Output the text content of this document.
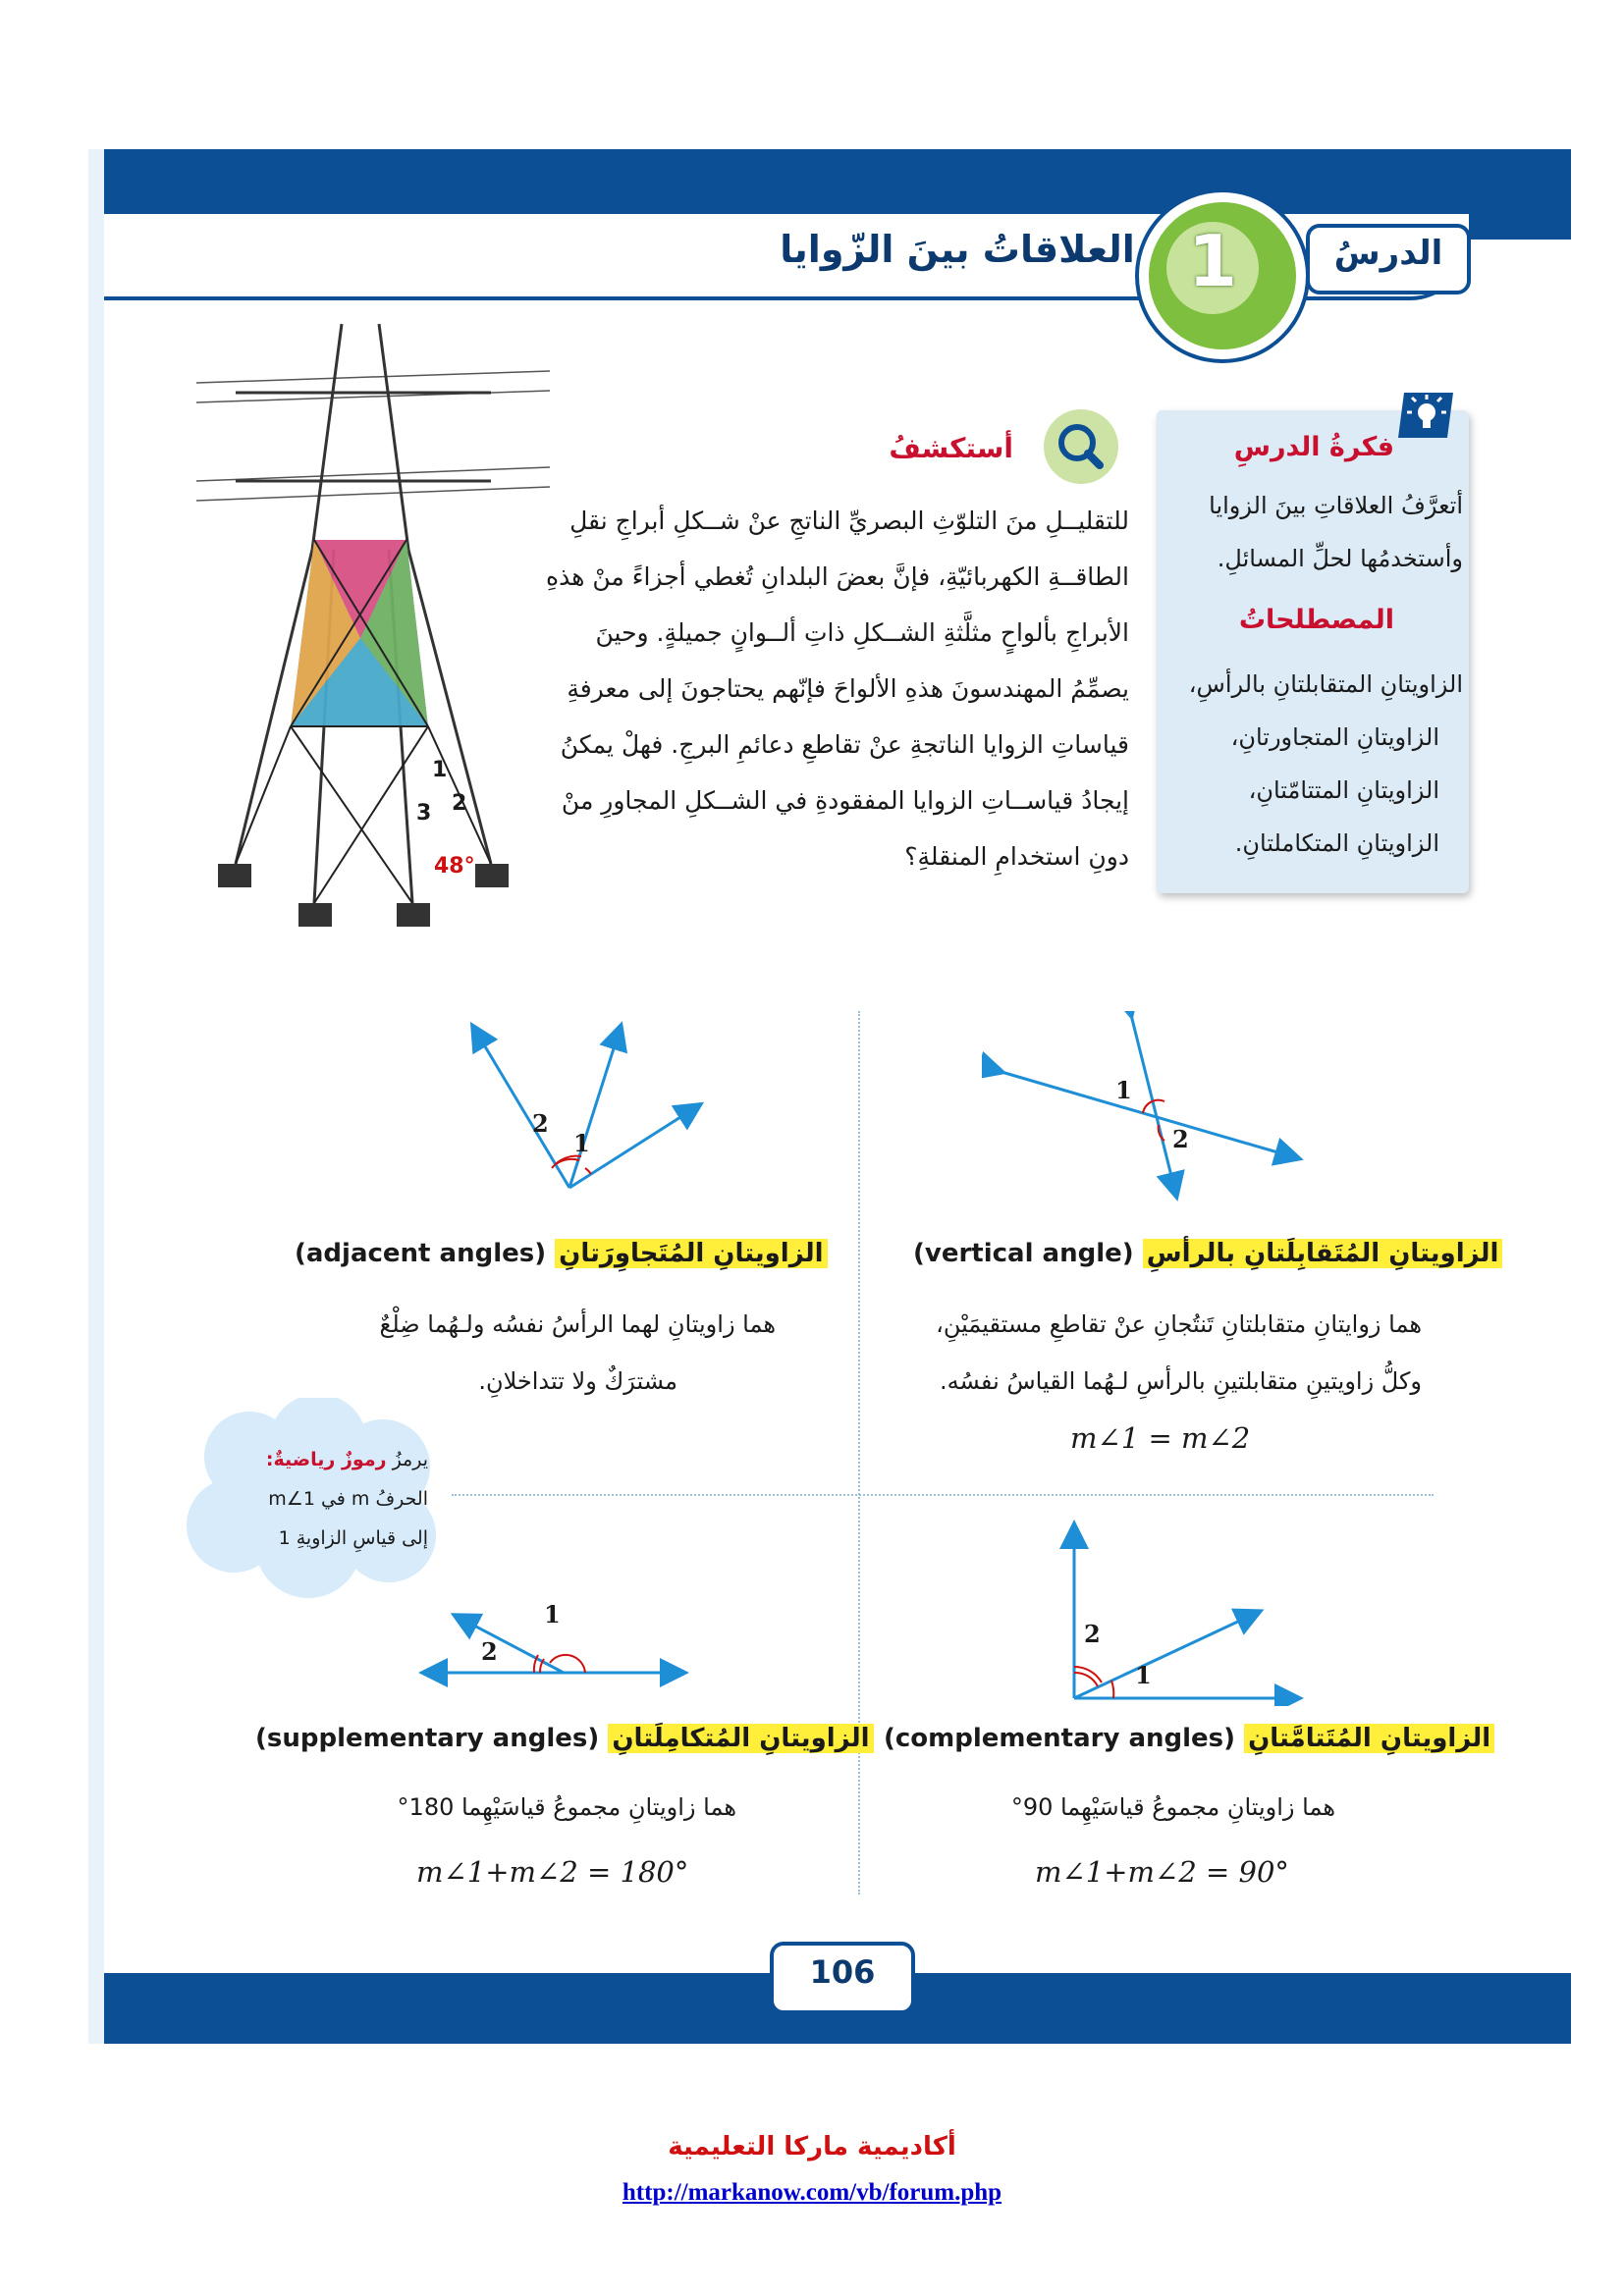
العلاقاتُ بينَ الزّوايا 1	الدرسُ
فكرةُ الدرسِ
أتعرَّفُ العلاقاتِ بينَ الزوايا
وأستخدمُها لحلِّ المسائلِ.
المصطلحاتُ
الزاويتانِ المتقابلتانِ بالرأسِ،
الزاويتانِ المتجاورتانِ،
الزاويتانِ المتتامّتانِ،
الزاويتانِ المتكاملتانِ.
أستكشفُ
للتقليــلِ منَ التلوّثِ البصريِّ الناتجِ عنْ شــكلِ أبراجِ نقلِ
الطاقــةِ الكهربائيّةِ، فإنَّ بعضَ البلدانِ تُغطي أجزاءً منْ هذهِ
الأبراجِ بألواحٍ مثلَّثةِ الشــكلِ ذاتِ ألــوانٍ جميلةٍ. وحينَ
يصمِّمُ المهندسونَ هذهِ الألواحَ فإنّهم يحتاجونَ إلى معرفةِ
قياساتِ الزوايا الناتجةِ عنْ تقاطعِ دعائمِ البرجِ. فهلْ يمكنُ
إيجادُ قياســاتِ الزوايا المفقودةِ في الشــكلِ المجاورِ منْ
دونِ استخدامِ المنقلةِ؟
1
2
3
48°
1
2
2
1
(vertical angle) الزاويتانِ المُتَقابِلَتانِ بالرأسِ
هما زوايتانِ متقابلتانِ تَنتُجانِ عنْ تقاطعِ مستقيمَيْنِ،
وكلُّ زاويتينِ متقابلتينِ بالرأسِ لـهُما القياسُ نفسُه.
m∠1 = m∠2
(adjacent angles) الزاويتانِ المُتَجاوِرَتانِ
هما زاويتانِ لهما الرأسُ نفسُه ولـهُما ضِلْعٌ
مشترَكٌ ولا تتداخلانِ.
يرمزُ رموزٌ رياضيةٌ:
الحرفُ m في m∠1
إلى قياسِ الزاويةِ 1
2
1
1
2
(complementary angles) الزاويتانِ المُتَتامَّتانِ
هما زاويتانِ مجموعُ قياسَيْهِما 90°
m∠1+m∠2 = 90°
(supplementary angles) الزاويتانِ المُتكامِلَتانِ
هما زاويتانِ مجموعُ قياسَيْهِما 180°
m∠1+m∠2 = 180°
106
أكاديمية ماركا التعليمية
http://markanow.com/vb/forum.php
